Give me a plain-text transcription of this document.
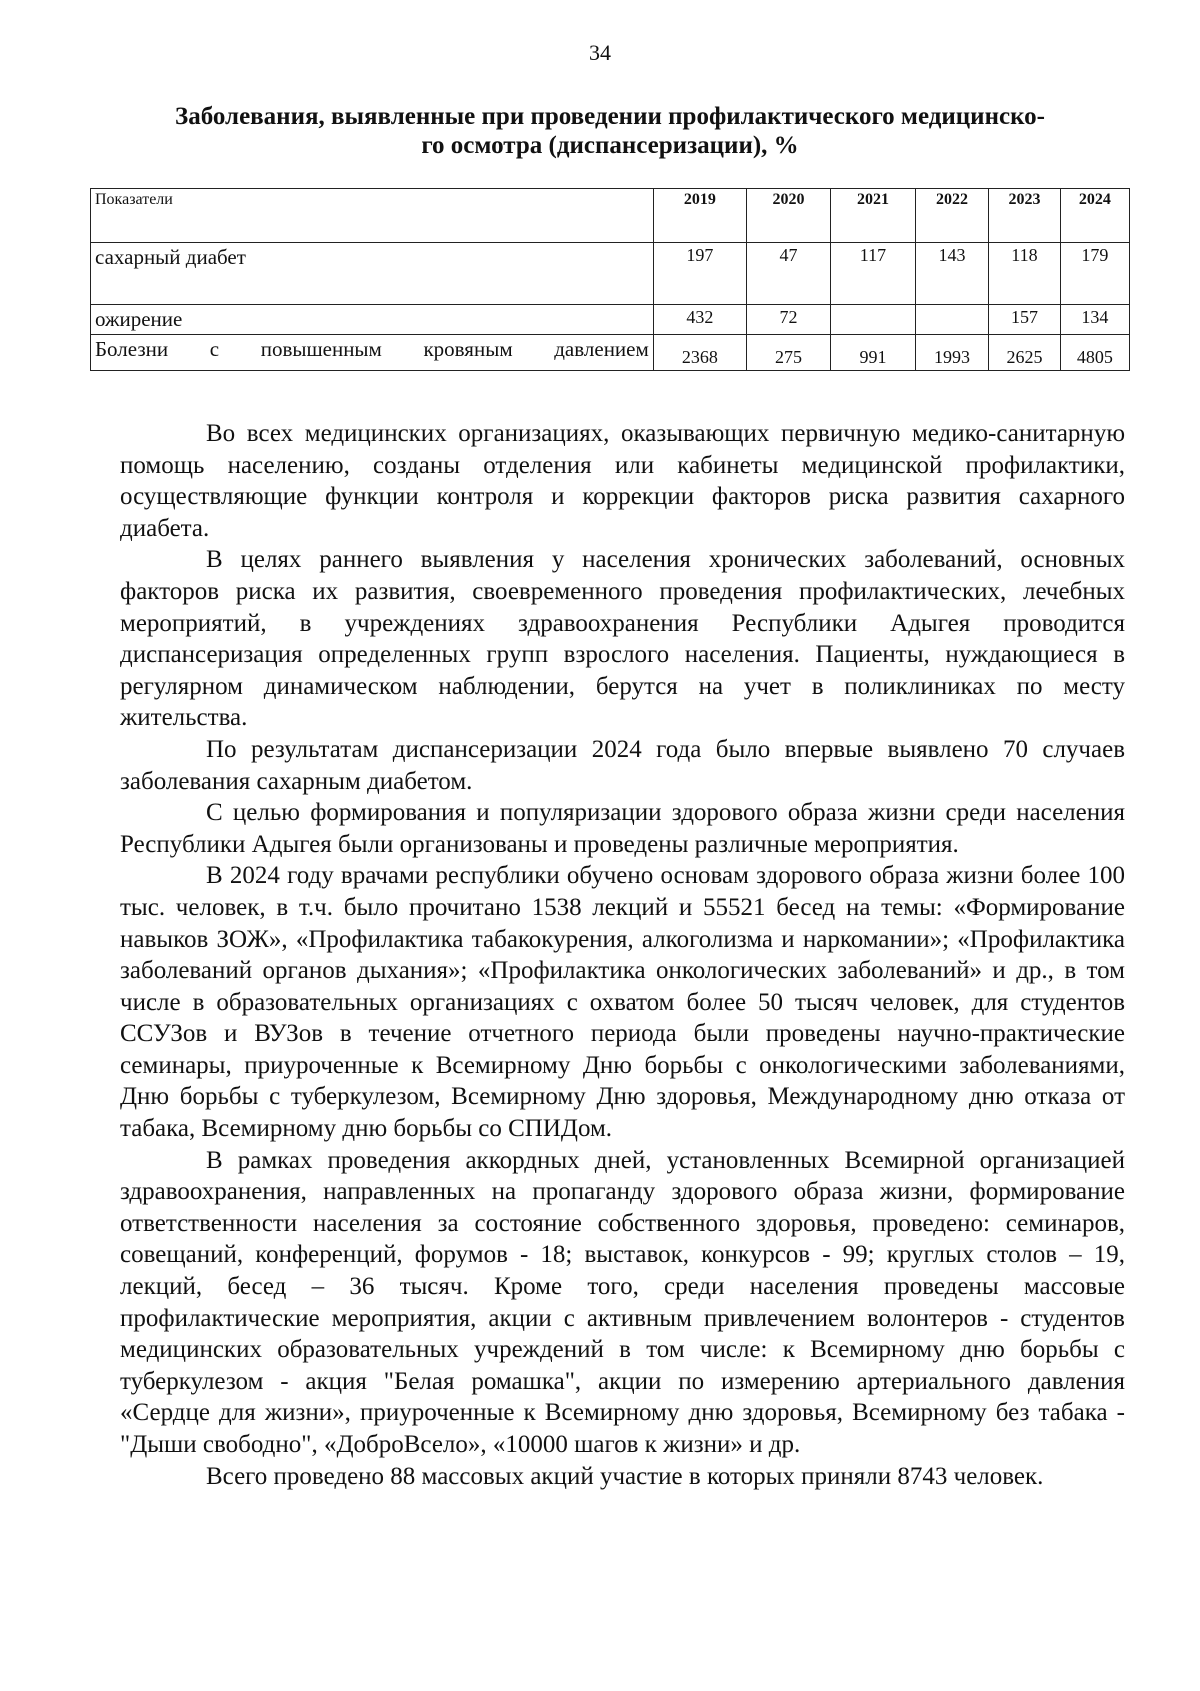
34
Заболевания, выявленные при проведении профилактического медицинско-
го осмотра (диспансеризации), %
Показатели	2019	2020	2021	2022	2023	2024
сахарный диабет	197	47	117	143	118	179
ожирение	432	72			157	134
Болезни с повышенным кровяным давлением	2368	275	991	1993	2625	4805

Во всех медицинских организациях, оказывающих первичную медико-санитарную помощь населению, созданы отделения или кабинеты медицинской профилактики, осуществляющие функции контроля и коррекции факторов риска развития сахарного диабета.

В целях раннего выявления у населения хронических заболеваний, основных факторов риска их развития, своевременного проведения профилактических, лечебных мероприятий, в учреждениях здравоохранения Республики Адыгея проводится диспансеризация определенных групп взрослого населения. Пациенты, нуждающиеся в регулярном динамическом наблюдении, берутся на учет в поликлиниках по месту жительства.

По результатам диспансеризации 2024 года было впервые выявлено 70 случаев заболевания сахарным диабетом.

С целью формирования и популяризации здорового образа жизни среди населения Республики Адыгея были организованы и проведены различные мероприятия.

В 2024 году врачами республики обучено основам здорового образа жизни более 100 тыс. человек, в т.ч. было прочитано 1538 лекций и 55521 бесед на темы: «Формирование навыков ЗОЖ», «Профилактика табакокурения, алкоголизма и наркомании»; «Профилактика заболеваний органов дыхания»; «Профилактика онкологических заболеваний» и др., в том числе в образовательных организациях с охватом более 50 тысяч человек, для студентов ССУЗов и ВУЗов в течение отчетного периода были проведены научно-практические семинары, приуроченные к Всемирному Дню борьбы с онкологическими заболеваниями, Дню борьбы с туберкулезом, Всемирному Дню здоровья, Международному дню отказа от табака, Всемирному дню борьбы со СПИДом.

В рамках проведения аккордных дней, установленных Всемирной организацией здравоохранения, направленных на пропаганду здорового образа жизни, формирование ответственности населения за состояние собственного здоровья, проведено: семинаров, совещаний, конференций, форумов - 18; выставок, конкурсов - 99; круглых столов – 19, лекций, бесед – 36 тысяч. Кроме того, среди населения проведены массовые профилактические мероприятия, акции с активным привлечением волонтеров - студентов медицинских образовательных учреждений в том числе: к Всемирному дню борьбы с туберкулезом - акция "Белая ромашка", акции по измерению артериального давления «Сердце для жизни», приуроченные к Всемирному дню здоровья, Всемирному без табака - "Дыши свободно", «ДоброВсело», «10000 шагов к жизни» и др.

Всего проведено 88 массовых акций участие в которых приняли 8743 человек.
